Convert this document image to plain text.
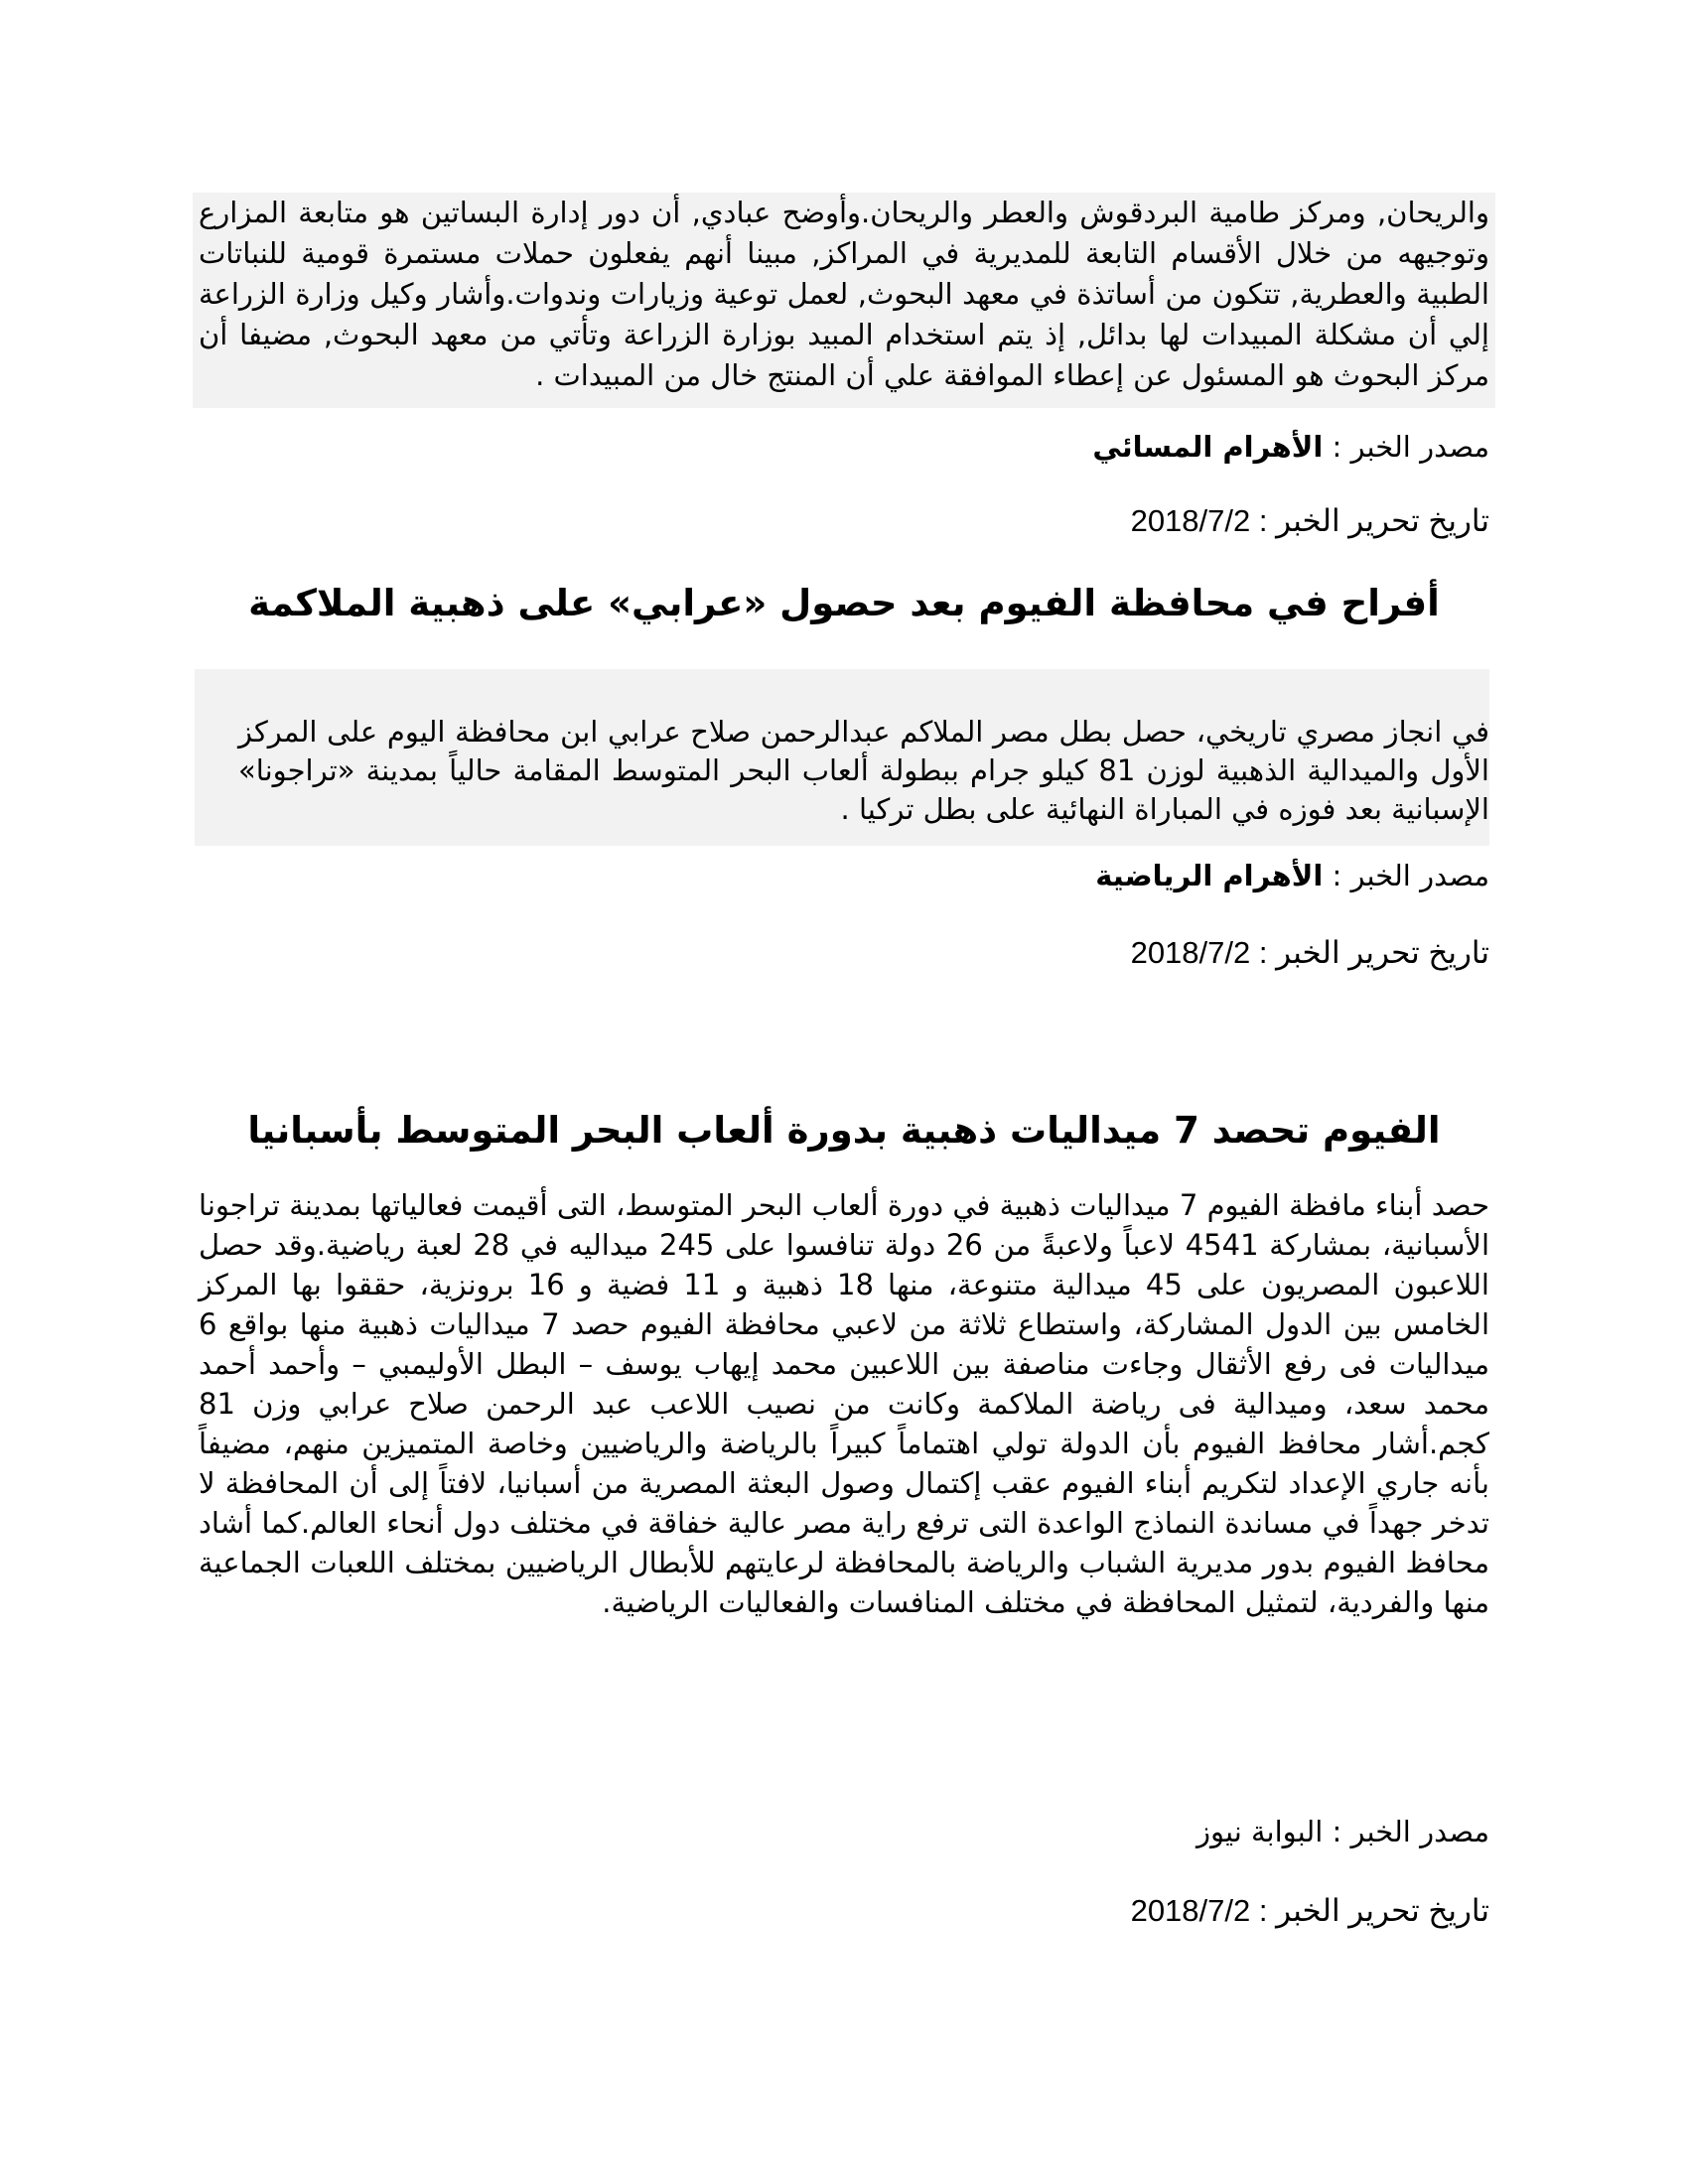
والريحان, ومركز طامية البردقوش والعطر والريحان.وأوضح عبادي, أن دور إدارة البساتين هو متابعة المزارع وتوجيهه من خلال الأقسام التابعة للمديرية في المراكز, مبينا أنهم يفعلون حملات مستمرة قومية للنباتات الطبية والعطرية, تتكون من أساتذة في معهد البحوث, لعمل توعية وزيارات وندوات.وأشار وكيل وزارة الزراعة إلي أن مشكلة المبيدات لها بدائل, إذ يتم استخدام المبيد بوزارة الزراعة وتأتي من معهد البحوث, مضيفا أن مركز البحوث هو المسئول عن إعطاء الموافقة علي أن المنتج خال من المبيدات .
مصدر الخبر : الأهرام المسائي
تاريخ تحرير الخبر : 2018/7/2
أفراح في محافظة الفيوم بعد حصول «عرابي» على ذهبية الملاكمة
في انجاز مصري تاريخي، حصل بطل مصر الملاكم عبدالرحمن صلاح عرابي ابن محافظة اليوم على المركز الأول والميدالية الذهبية لوزن 81 كيلو جرام ببطولة ألعاب البحر المتوسط المقامة حالياً بمدينة «تراجونا» الإسبانية بعد فوزه في المباراة النهائية على بطل تركيا .
مصدر الخبر : الأهرام الرياضية
تاريخ تحرير الخبر : 2018/7/2
الفيوم تحصد 7 ميداليات ذهبية بدورة ألعاب البحر المتوسط بأسبانيا
حصد أبناء مافظة الفيوم 7 ميداليات ذهبية في دورة ألعاب البحر المتوسط، التى أقيمت فعالياتها بمدينة تراجونا الأسبانية، بمشاركة 4541 لاعباً ولاعبةً من 26 دولة تنافسوا على 245 ميداليه في 28 لعبة رياضية.وقد حصل اللاعبون المصريون على 45 ميدالية متنوعة، منها 18 ذهبية و 11 فضية و 16 برونزية، حققوا بها المركز الخامس بين الدول المشاركة، واستطاع ثلاثة من لاعبي محافظة الفيوم حصد 7 ميداليات ذهبية منها بواقع 6 ميداليات فى رفع الأثقال وجاءت مناصفة بين اللاعبين محمد إيهاب يوسف – البطل الأوليمبي – وأحمد أحمد محمد سعد، وميدالية فى رياضة الملاكمة وكانت من نصيب اللاعب عبد الرحمن صلاح عرابي وزن 81 كجم.أشار محافظ الفيوم بأن الدولة تولي اهتماماً كبيراً بالرياضة والرياضيين وخاصة المتميزين منهم، مضيفاً بأنه جاري الإعداد لتكريم أبناء الفيوم عقب إكتمال وصول البعثة المصرية من أسبانيا، لافتاً إلى أن المحافظة لا تدخر جهداً في مساندة النماذج الواعدة التى ترفع راية مصر عالية خفاقة في مختلف دول أنحاء العالم.كما أشاد محافظ الفيوم بدور مديرية الشباب والرياضة بالمحافظة لرعايتهم للأبطال الرياضيين بمختلف اللعبات الجماعية منها والفردية، لتمثيل المحافظة في مختلف المنافسات والفعاليات الرياضية.
مصدر الخبر : البوابة نيوز
تاريخ تحرير الخبر : 2018/7/2
